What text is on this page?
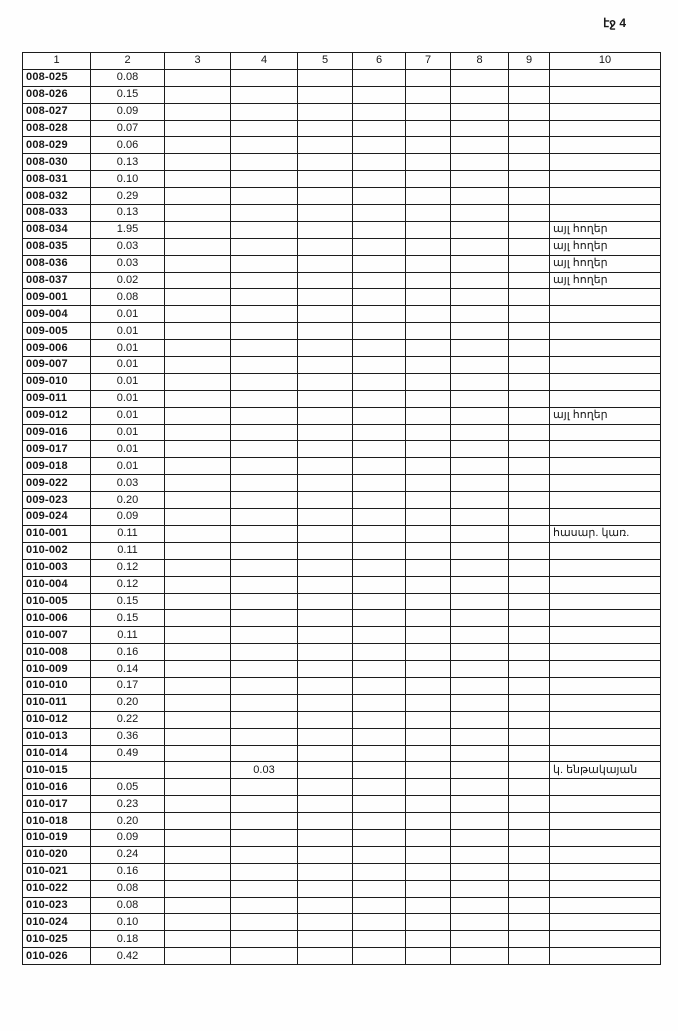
էջ 4
1	2	3	4	5	6	7	8	9	10
008-025	0.08								
008-026	0.15								
008-027	0.09								
008-028	0.07								
008-029	0.06								
008-030	0.13								
008-031	0.10								
008-032	0.29								
008-033	0.13								
008-034	1.95								այլ հողեր
008-035	0.03								այլ հողեր
008-036	0.03								այլ հողեր
008-037	0.02								այլ հողեր
009-001	0.08								
009-004	0.01								
009-005	0.01								
009-006	0.01								
009-007	0.01								
009-010	0.01								
009-011	0.01								
009-012	0.01								այլ հողեր
009-016	0.01								
009-017	0.01								
009-018	0.01								
009-022	0.03								
009-023	0.20								
009-024	0.09								
010-001	0.11								հասար. կառ.
010-002	0.11								
010-003	0.12								
010-004	0.12								
010-005	0.15								
010-006	0.15								
010-007	0.11								
010-008	0.16								
010-009	0.14								
010-010	0.17								
010-011	0.20								
010-012	0.22								
010-013	0.36								
010-014	0.49								
010-015			0.03						կ. ենթակայան
010-016	0.05								
010-017	0.23								
010-018	0.20								
010-019	0.09								
010-020	0.24								
010-021	0.16								
010-022	0.08								
010-023	0.08								
010-024	0.10								
010-025	0.18								
010-026	0.42								
